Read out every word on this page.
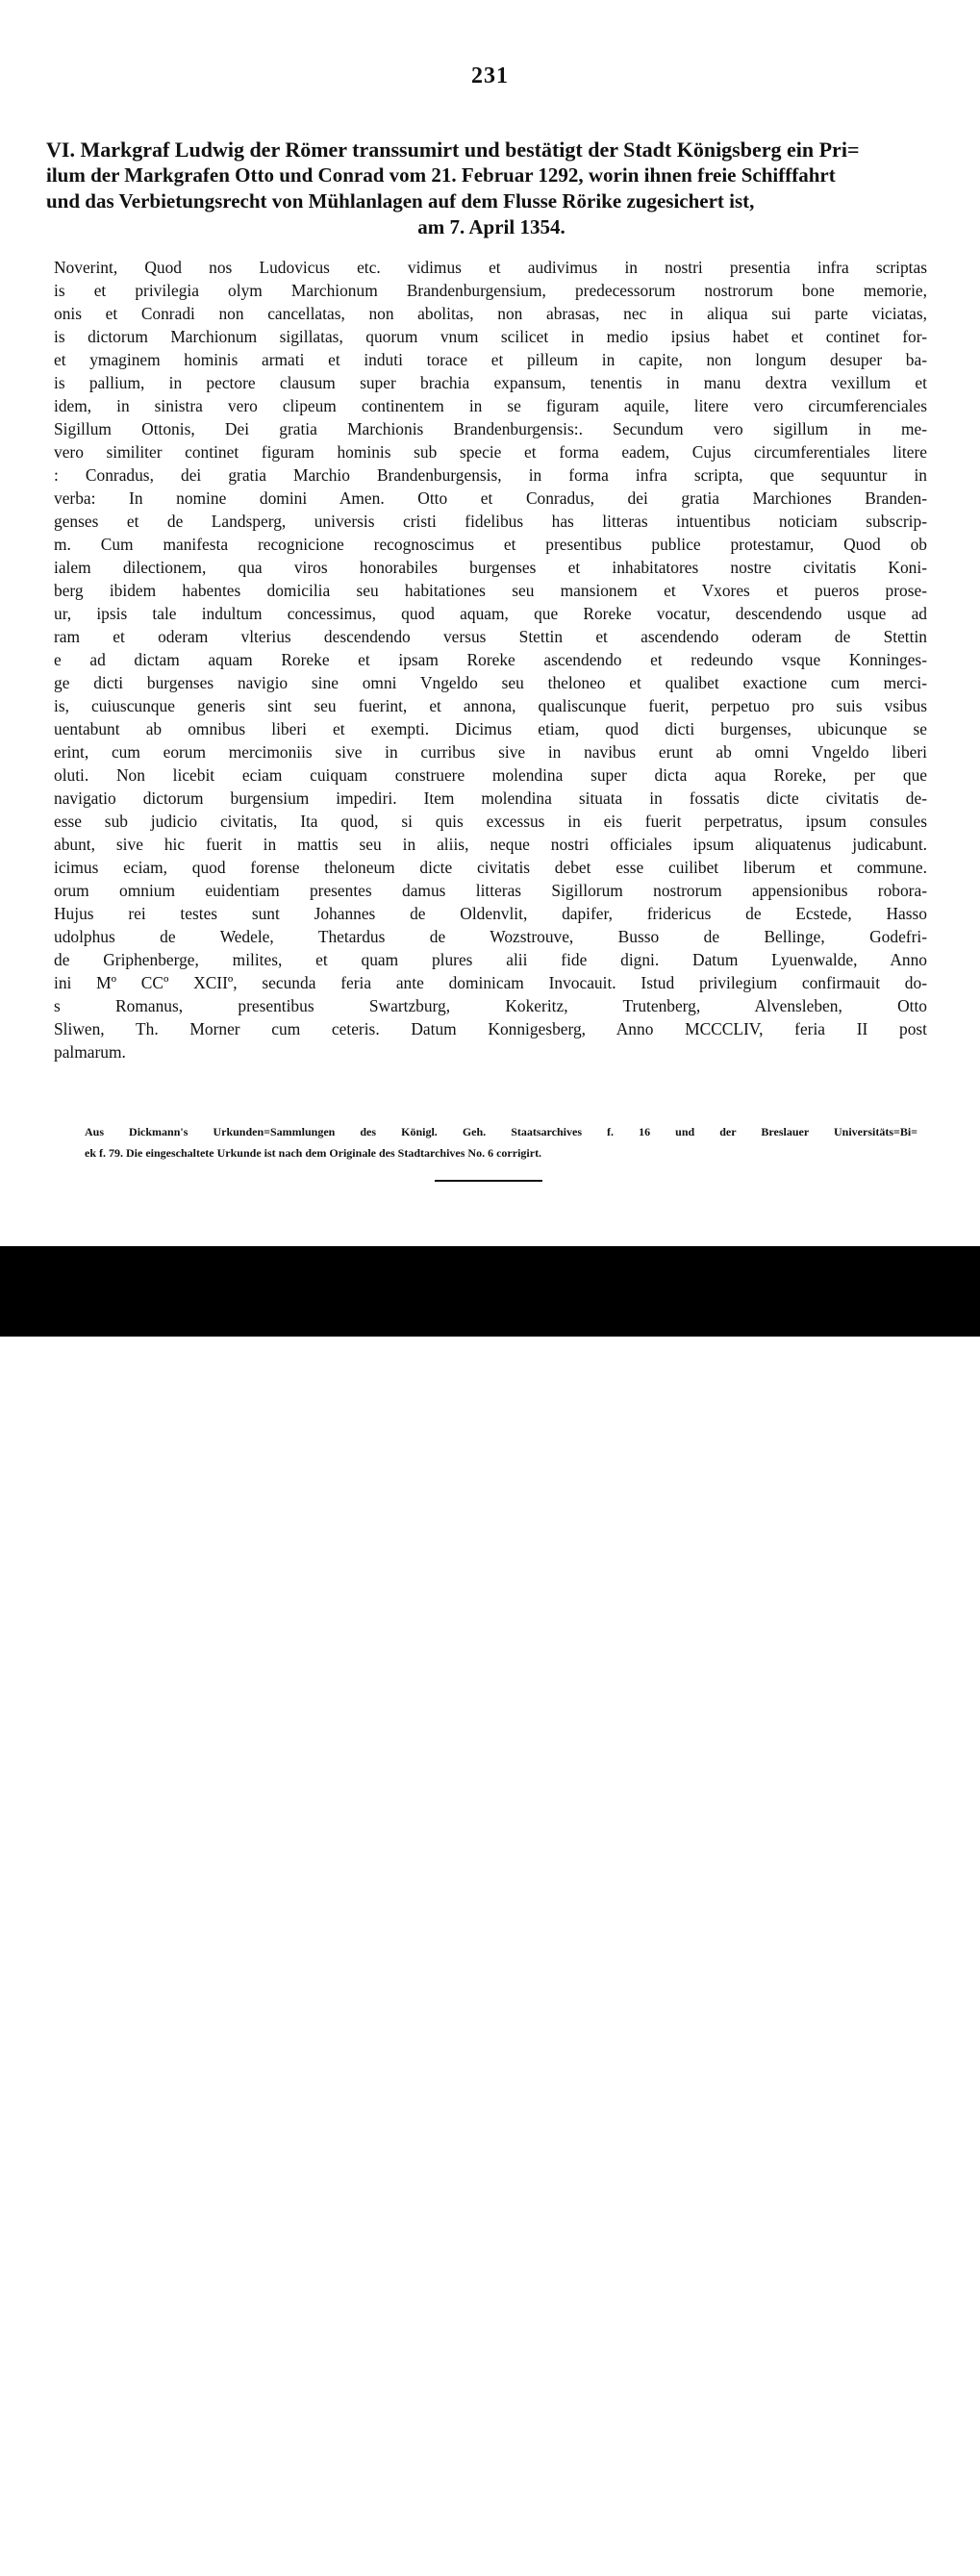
231
VI. Markgraf Ludwig der Römer transsumirt und bestätigt der Stadt Königsberg ein Pri=
ilum der Markgrafen Otto und Conrad vom 21. Februar 1292, worin ihnen freie Schifffahrt
und das Verbietungsrecht von Mühlanlagen auf dem Flusse Rörike zugesichert ist,
am 7. April 1354.
Noverint, Quod nos Ludovicus etc. vidimus et audivimus in nostri presentia infra scriptas
is et privilegia olym Marchionum Brandenburgensium, predecessorum nostrorum bone memorie,
onis et Conradi non cancellatas, non abolitas, non abrasas, nec in aliqua sui parte viciatas,
is dictorum Marchionum sigillatas, quorum vnum scilicet in medio ipsius habet et continet for-
et ymaginem hominis armati et induti torace et pilleum in capite, non longum desuper ba-
is pallium, in pectore clausum super brachia expansum, tenentis in manu dextra vexillum et
idem, in sinistra vero clipeum continentem in se figuram aquile, litere vero circumferenciales
Sigillum Ottonis, Dei gratia Marchionis Brandenburgensis:. Secundum vero sigillum in me-
vero similiter continet figuram hominis sub specie et forma eadem, Cujus circumferentiales litere
: Conradus, dei gratia Marchio Brandenburgensis, in forma infra scripta, que sequuntur in
verba: In nomine domini Amen. Otto et Conradus, dei gratia Marchiones Branden-
genses et de Landsperg, universis cristi fidelibus has litteras intuentibus noticiam subscrip-
m. Cum manifesta recognicione recognoscimus et presentibus publice protestamur, Quod ob
ialem dilectionem, qua viros honorabiles burgenses et inhabitatores nostre civitatis Koni-
berg ibidem habentes domicilia seu habitationes seu mansionem et Vxores et pueros prose-
ur, ipsis tale indultum concessimus, quod aquam, que Roreke vocatur, descendendo usque ad
ram et oderam vlterius descendendo versus Stettin et ascendendo oderam de Stettin
e ad dictam aquam Roreke et ipsam Roreke ascendendo et redeundo vsque Konninges-
ge dicti burgenses navigio sine omni Vngeldo seu theloneo et qualibet exactione cum merci-
is, cuiuscunque generis sint seu fuerint, et annona, qualiscunque fuerit, perpetuo pro suis vsibus
uentabunt ab omnibus liberi et exempti. Dicimus etiam, quod dicti burgenses, ubicunque se
erint, cum eorum mercimoniis sive in curribus sive in navibus erunt ab omni Vngeldo liberi
oluti. Non licebit eciam cuiquam construere molendina super dicta aqua Roreke, per que
navigatio dictorum burgensium impediri. Item molendina situata in fossatis dicte civitatis de-
esse sub judicio civitatis, Ita quod, si quis excessus in eis fuerit perpetratus, ipsum consules
abunt, sive hic fuerit in mattis seu in aliis, neque nostri officiales ipsum aliquatenus judicabunt.
icimus eciam, quod forense theloneum dicte civitatis debet esse cuilibet liberum et commune.
orum omnium euidentiam presentes damus litteras Sigillorum nostrorum appensionibus robora-
Hujus rei testes sunt Johannes de Oldenvlit, dapifer, fridericus de Ecstede, Hasso
udolphus de Wedele, Thetardus de Wozstrouve, Busso de Bellinge, Godefri-
de Griphenberge, milites, et quam plures alii fide digni. Datum Lyuenwalde, Anno
ini Mº CCº XCIIº, secunda feria ante dominicam Invocauit. Istud privilegium confirmauit do-
s Romanus, presentibus Swartzburg, Kokeritz, Trutenberg, Alvensleben, Otto
Sliwen, Th. Morner cum ceteris. Datum Konnigesberg, Anno MCCCLIV, feria II post
palmarum.
Aus Dickmann's Urkunden=Sammlungen des Königl. Geh. Staatsarchives f. 16 und der Breslauer Universitäts=Bi=
ek f. 79. Die eingeschaltete Urkunde ist nach dem Originale des Stadtarchives No. 6 corrigirt.
alamy
Image ID: J37WJY · www.alamy.com
